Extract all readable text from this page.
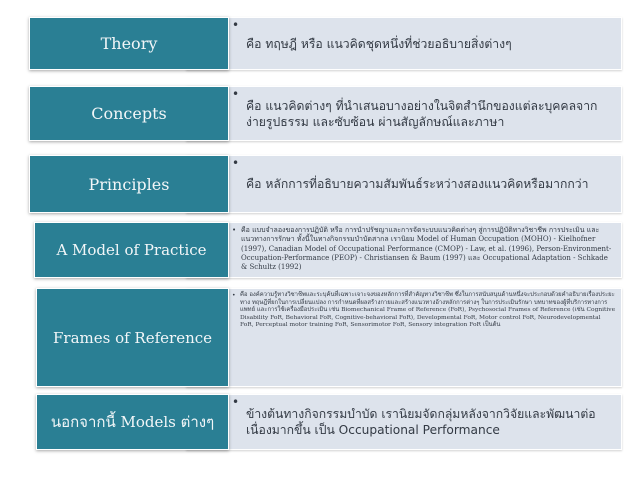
Theory
•
คือ ทฤษฎี หรือ แนวคิดชุดหนึ่งที่ช่วยอธิบายสิ่งต่างๆ
Concepts
•
คือ แนวคิดต่างๆ ที่นำเสนอบางอย่างในจิตสำนึกของแต่ละบุคคลจากง่ายรูปธรรม และซับซ้อน ผ่านสัญลักษณ์และภาษา
Principles
•
คือ หลักการที่อธิบายความสัมพันธ์ระหว่างสองแนวคิดหรือมากกว่า
A Model of Practice
• คือ แบบจำลองของการปฏิบัติ หรือ การนำปรัชญาและการจัดระบบแนวคิดต่างๆ สู่การปฏิบัติทางวิชาชีพ การประเมิน และแนวทางการรักษา ทั้งนี้ในทางกิจกรรมบำบัดสากล เรานิยม Model of Human Occupation (MOHO) - Kielhofner (1997), Canadian Model of Occupational Performance (CMOP) - Law, et al. (1996), Person-Environment-Occupation-Performance (PEOP) - Christiansen & Baum (1997) และ Occupational Adaptation - Schkade & Schultz (1992)
Frames of Reference
• คือ องค์ความรู้ทางวิชาชีพและระบุค้นที่เฉพาะเจาะจงของหลักการที่สำคัญทางวิชาชีพ ซึ่งในการสนับสนุนด้านหนึ่งจะประกอบด้วยคำอธิบายเรื่องประยะทาง ทฤษฎีที่ยกในการเปลี่ยนแปลง การกำหนดที่ผลสร้างกายและสร้างแนวทางอ้างหลักการต่างๆ ในการประเมินรักษา บทบาทของผู้ที่บริการทางการแพทย์ และการใช้เครื่องมือประเมิน เช่น Biomechanical Frame of Reference (FoR), Psychosocial Frames of Reference (เช่น Cognitive Disability FoR, Behavioral FoR, Cognitive-behavioral FoR), Developmental FoR, Motor control FoR, Neurodevelopmental FoR, Perceptual motor training FoR, Sensorimotor FoR, Sensory integration FoR เป็นต้น
นอกจากนี้ Models ต่างๆ
•
ข้างต้นทางกิจกรรมบำบัด เรานิยมจัดกลุ่มหลังจากวิจัยและพัฒนาต่อเนื่องมากขึ้น เป็น Occupational Performance
